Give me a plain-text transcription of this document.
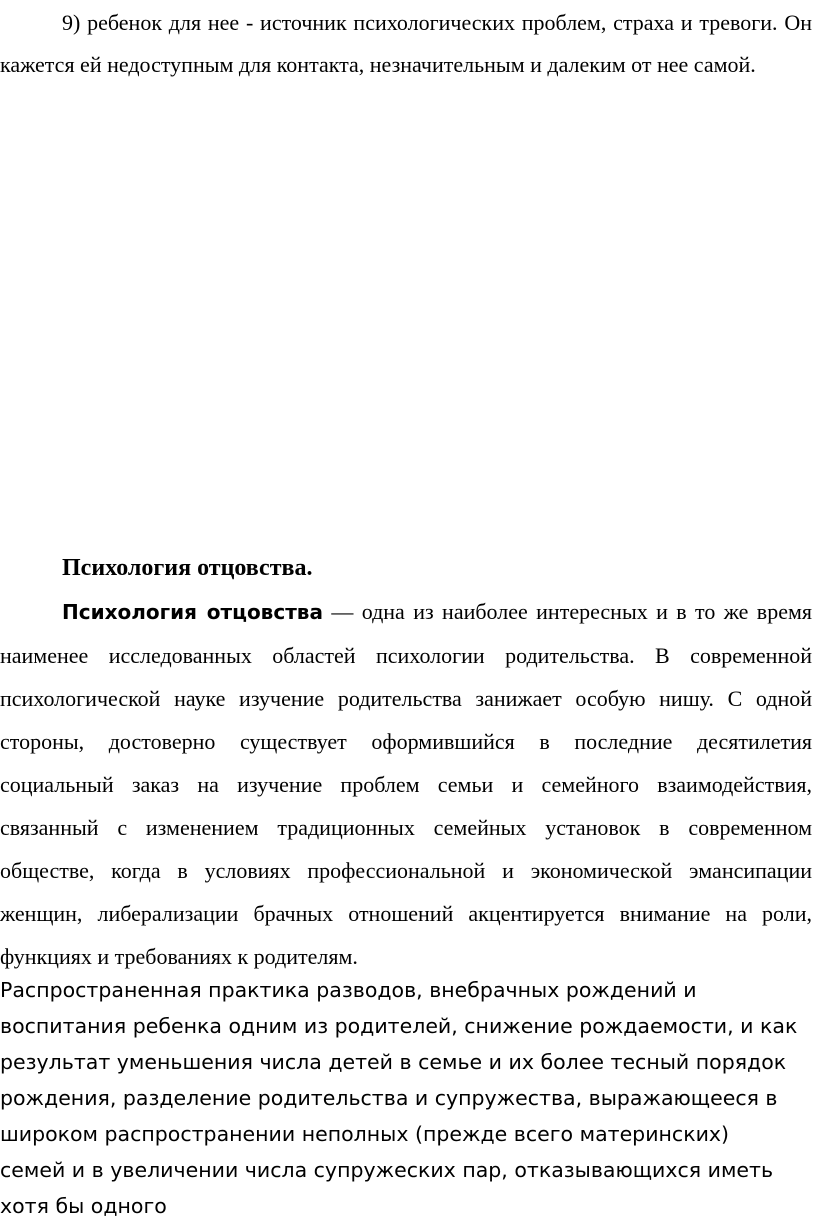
9) ребенок для нее - источник психологических проблем, страха и тревоги. Он кажется ей недоступным для контакта, незначительным и далеким от нее самой.

Психология отцовства.

Психология отцовства — одна из наиболее интересных и в то же время наименее исследованных областей психологии родительства. В современной психологической науке изучение родительства занижает особую нишу. С одной стороны, достоверно существует оформившийся в последние десятилетия социальный заказ на изучение проблем семьи и семейного взаимодействия, связанный с изменением традиционных семейных установок в современном обществе, когда в условиях профессиональной и экономической эмансипации женщин, либерализации брачных отношений акцентируется внимание на роли, функциях и требованиях к родителям.

Распространенная практика разводов, внебрачных рождений и воспитания ребенка одним из родителей, снижение рождаемости, и как результат уменьшения числа детей в семье и их более тесный порядок рождения, разделение родительства и супружества, выражающееся в широком распространении неполных (прежде всего материнских) семей и в увеличении числа супружеских пар, отказывающихся иметь хотя бы одного
